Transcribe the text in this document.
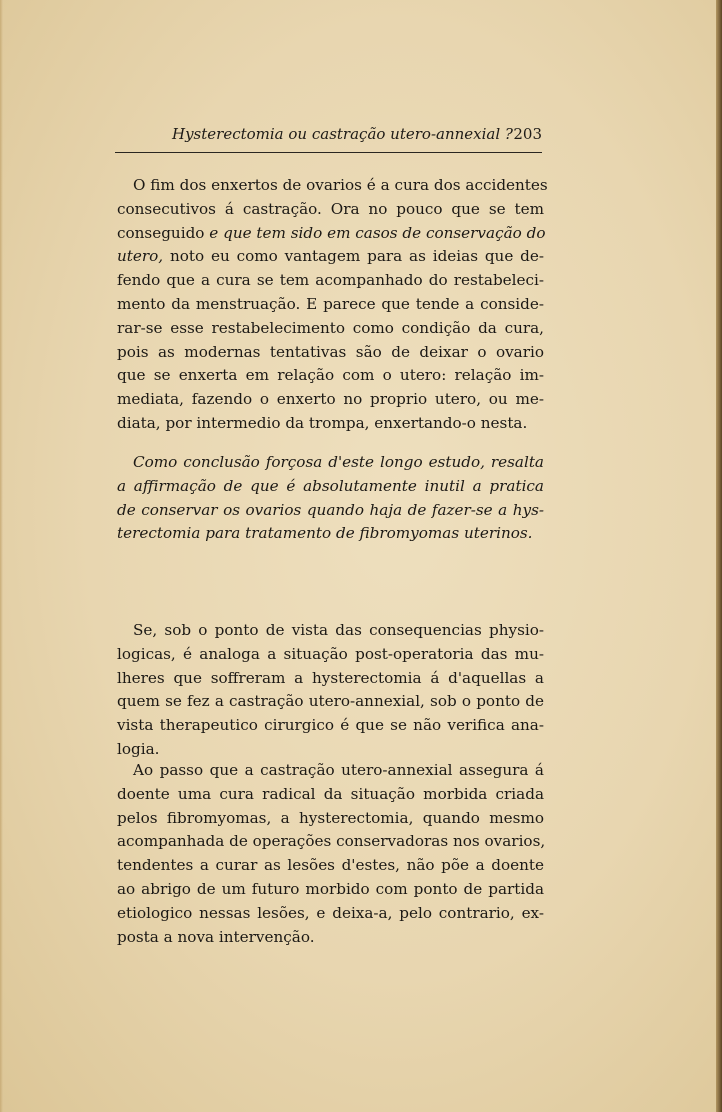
Hysterectomia ou castração utero-annexial ? 203
O fim dos enxertos de ovarios é a cura dos accidentes
consecutivos á castração. Ora no pouco que se tem
conseguido e que tem sido em casos de conservação do
utero, noto eu como vantagem para as ideias que de-
fendo que a cura se tem acompanhado do restabeleci-
mento da menstruação. E parece que tende a conside-
rar-se esse restabelecimento como condição da cura,
pois as modernas tentativas são de deixar o ovario
que se enxerta em relação com o utero: relação im-
mediata, fazendo o enxerto no proprio utero, ou me-
diata, por intermedio da trompa, enxertando-o nesta.
Como conclusão forçosa d'este longo estudo, resalta
a affirmação de que é absolutamente inutil a pratica
de conservar os ovarios quando haja de fazer-se a hys-
terectomia para tratamento de fibromyomas uterinos.
Se, sob o ponto de vista das consequencias physio-
logicas, é analoga a situação post-operatoria das mu-
lheres que soffreram a hysterectomia á d'aquellas a
quem se fez a castração utero-annexial, sob o ponto de
vista therapeutico cirurgico é que se não verifica ana-
logia.
Ao passo que a castração utero-annexial assegura á
doente uma cura radical da situação morbida criada
pelos fibromyomas, a hysterectomia, quando mesmo
acompanhada de operações conservadoras nos ovarios,
tendentes a curar as lesões d'estes, não põe a doente
ao abrigo de um futuro morbido com ponto de partida
etiologico nessas lesões, e deixa-a, pelo contrario, ex-
posta a nova intervenção.
